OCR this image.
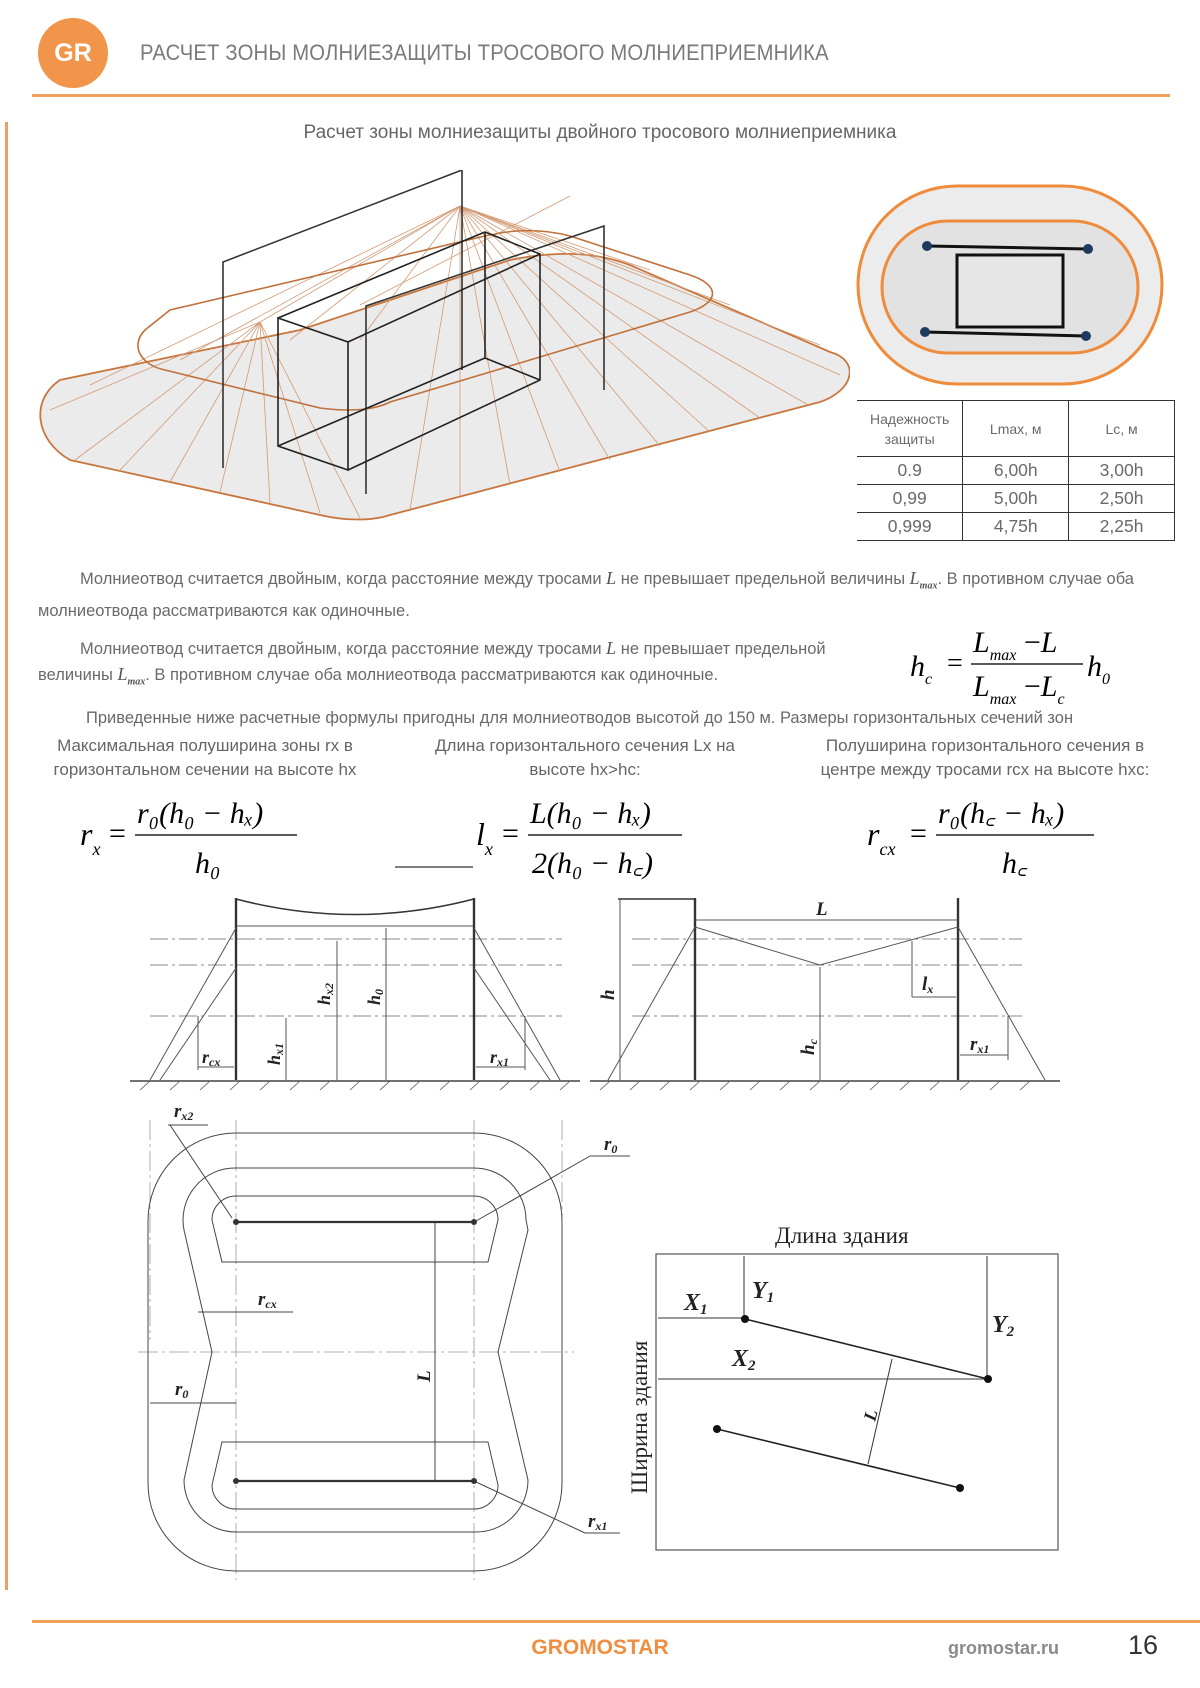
GR РАСЧЕТ ЗОНЫ МОЛНИЕЗАЩИТЫ ТРОСОВОГО МОЛНИЕПРИЕМНИКА
Расчет зоны молниезащиты двойного тросового молниеприемника
Надежность защиты	Lmax, м	Lc, м
0.9	6,00h	3,00h
0,99	5,00h	2,50h
0,999	4,75h	2,25h
Молниеотвод считается двойным, когда расстояние между тросами L не превышает предельной величины $L_{max}$. В противном случае оба молниеотвода рассматриваются как одиночные.
Молниеотвод считается двойным, когда расстояние между тросами L не превышает предельной величины $L_{max}$. В противном случае оба молниеотвода рассматриваются как одиночные.	$h_c$
=
$L_{max} -L$
$L_{max} -L_c$
$h_0$
Приведенные ниже расчетные формулы пригодны для молниеотводов высотой до 150 м. Размеры горизонтальных сечений зон
Максимальная полуширина зоны rx в горизонтальном сечении на высоте hx
Длина горизонтального сечения Lx на высоте hx>hc:
Полуширина горизонтального сечения в центре между тросами rcx на высоте hxc:
$r_x$ =
r₀(h₀ − hₓ)
h₀
$l_x$ =
L(h₀ − hₓ)
2(h₀ − h꜀)
$r_{cx}$ =
r₀(h꜀ − hₓ)
h꜀
rcx	rx1
hx1
hx2
h0
L
h
hc
lx
rx1
rx2
r0
rcx
L
r0
rx1
Длина здания
Ширина здания
X1
Y1
X2
Y2
L
GROMOSTAR	gromostar.ru	16
